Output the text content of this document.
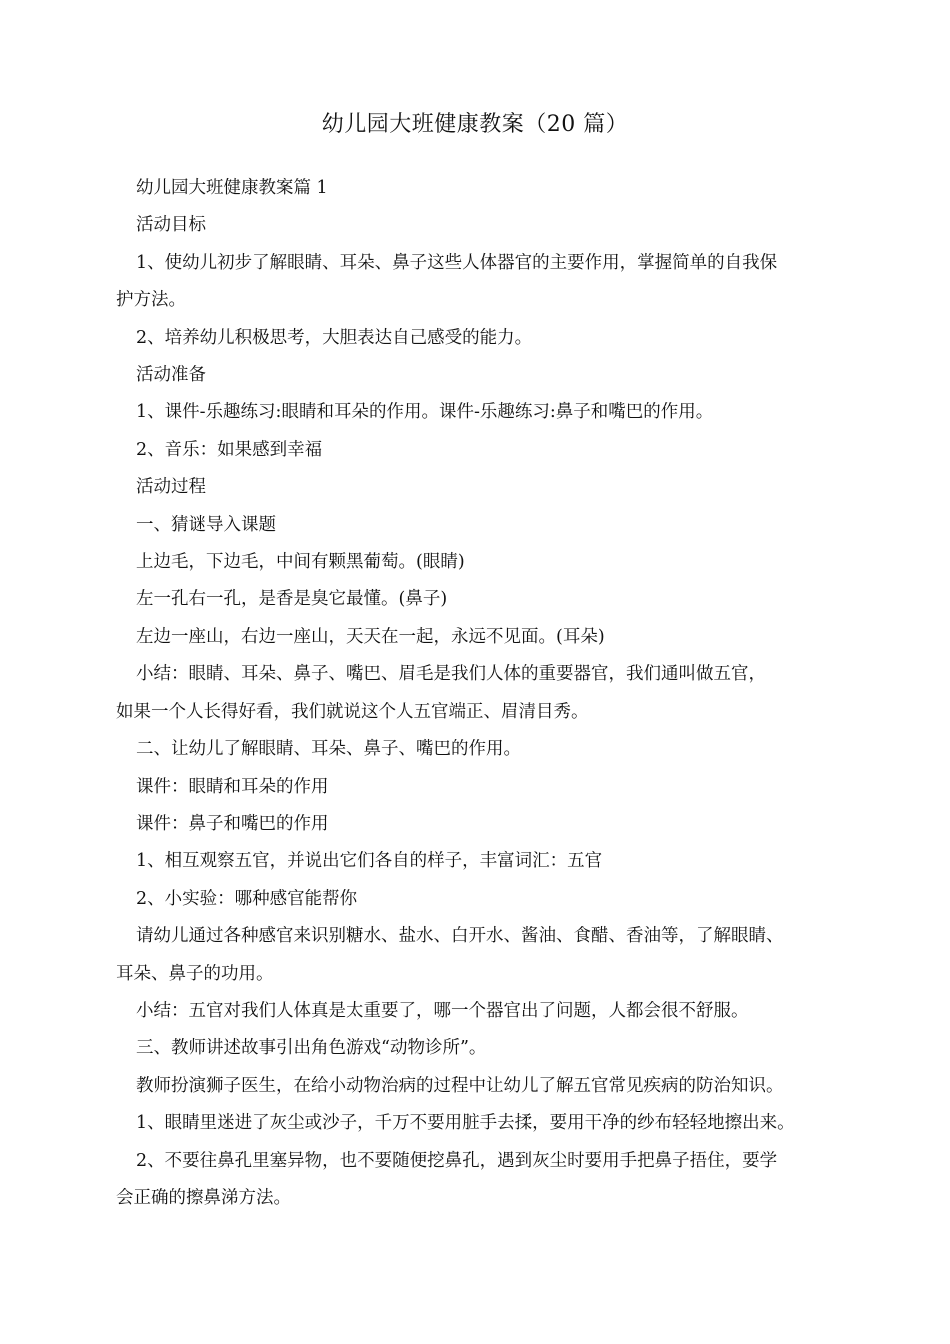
幼儿园大班健康教案（20 篇）

幼儿园大班健康教案篇 1

活动目标

1、使幼儿初步了解眼睛、耳朵、鼻子这些人体器官的主要作用，掌握简单的自我保
护方法。

2、培养幼儿积极思考，大胆表达自己感受的能力。

活动准备

1、课件-乐趣练习:眼睛和耳朵的作用。课件-乐趣练习:鼻子和嘴巴的作用。

2、音乐：如果感到幸福

活动过程

一、猜谜导入课题

上边毛，下边毛，中间有颗黑葡萄。(眼睛)

左一孔右一孔，是香是臭它最懂。(鼻子)

左边一座山，右边一座山，天天在一起，永远不见面。(耳朵)

小结：眼睛、耳朵、鼻子、嘴巴、眉毛是我们人体的重要器官，我们通叫做五官，
如果一个人长得好看，我们就说这个人五官端正、眉清目秀。

二、让幼儿了解眼睛、耳朵、鼻子、嘴巴的作用。

课件：眼睛和耳朵的作用

课件：鼻子和嘴巴的作用

1、相互观察五官，并说出它们各自的样子，丰富词汇：五官

2、小实验：哪种感官能帮你

请幼儿通过各种感官来识别糖水、盐水、白开水、酱油、食醋、香油等，了解眼睛、
耳朵、鼻子的功用。

小结：五官对我们人体真是太重要了，哪一个器官出了问题，人都会很不舒服。

三、教师讲述故事引出角色游戏“动物诊所”。

教师扮演狮子医生，在给小动物治病的过程中让幼儿了解五官常见疾病的防治知识。

1、眼睛里迷进了灰尘或沙子，千万不要用脏手去揉，要用干净的纱布轻轻地擦出来。

2、不要往鼻孔里塞异物，也不要随便挖鼻孔，遇到灰尘时要用手把鼻子捂住，要学
会正确的擦鼻涕方法。
